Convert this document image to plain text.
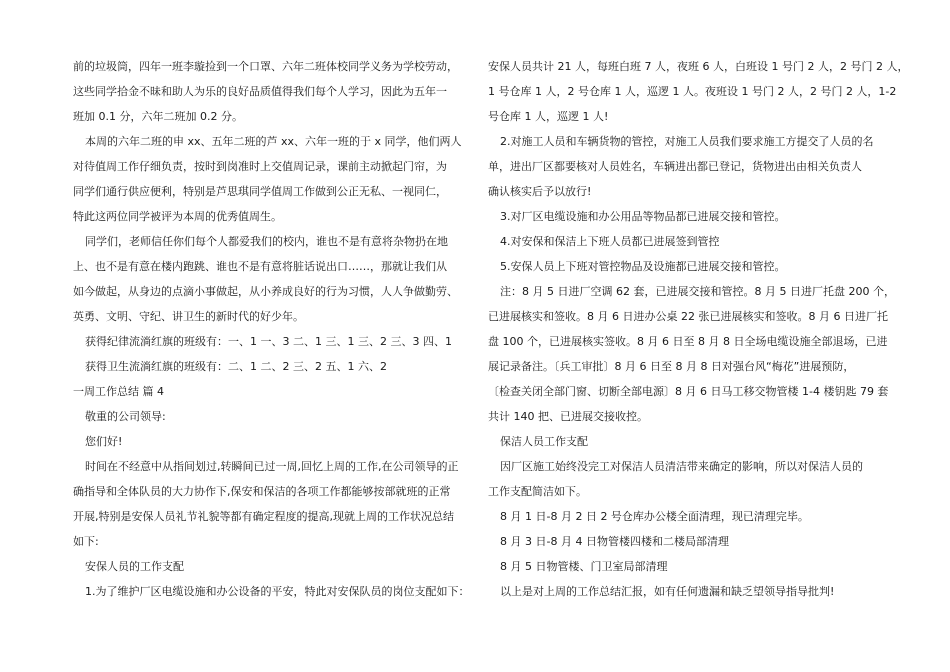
前的垃圾筒，四年一班李璇捡到一个口罩、六年二班体校同学义务为学校劳动，
这些同学拾金不昧和助人为乐的良好品质值得我们每个人学习，因此为五年一
班加 0.1 分，六年二班加 0.2 分。
本周的六年二班的申 xx、五年二班的芦 xx、六年一班的于 x 同学，他们两人
对待值周工作仔细负责，按时到岗准时上交值周记录，课前主动掀起门帘，为
同学们通行供应便利，特别是芦思琪同学值周工作做到公正无私、一视同仁，
特此这两位同学被评为本周的优秀值周生。
同学们，老师信任你们每个人都爱我们的校内，谁也不是有意将杂物扔在地
上、也不是有意在楼内跑跳、谁也不是有意将脏话说出口……，那就让我们从
如今做起，从身边的点滴小事做起，从小养成良好的行为习惯，人人争做勤劳、
英勇、文明、守纪、讲卫生的新时代的好少年。
获得纪律流淌红旗的班级有：一、1 一、3 二、1 三、1 三、2 三、3 四、1
获得卫生流淌红旗的班级有：二、1 二、2 三、2 五、1 六、2
一周工作总结 篇 4
敬重的公司领导:
您们好!
时间在不经意中从指间划过,转瞬间已过一周,回忆上周的工作,在公司领导的正
确指导和全体队员的大力协作下,保安和保洁的各项工作都能够按部就班的正常
开展,特别是安保人员礼节礼貌等都有确定程度的提高,现就上周的工作状况总结
如下:
安保人员的工作支配
1.为了维护厂区电缆设施和办公设备的平安，特此对安保队员的岗位支配如下：
安保人员共计 21 人，每班白班 7 人，夜班 6 人，白班设 1 号门 2 人，2 号门 2 人，
1 号仓库 1 人，2 号仓库 1 人，巡逻 1 人。夜班设 1 号门 2 人，2 号门 2 人，1-2
号仓库 1 人，巡逻 1 人!
2.对施工人员和车辆货物的管控，对施工人员我们要求施工方提交了人员的名
单，进出厂区都要核对人员姓名，车辆进出都已登记，货物进出由相关负责人
确认核实后予以放行!
3.对厂区电缆设施和办公用品等物品都已进展交接和管控。
4.对安保和保洁上下班人员都已进展签到管控
5.安保人员上下班对管控物品及设施都已进展交接和管控。
注：8 月 5 日进厂空调 62 套，已进展交接和管控。8 月 5 日进厂托盘 200 个，
已进展核实和签收。8 月 6 日进办公桌 22 张已进展核实和签收。8 月 6 日进厂托
盘 100 个，已进展核实签收。8 月 6 日至 8 月 8 日全场电缆设施全部退场，已进
展记录备注。〔兵工审批〕8 月 6 日至 8 月 8 日对强台风“梅花”进展预防，
〔检查关闭全部门窗、切断全部电源〕8 月 6 日马工移交物管楼 1-4 楼钥匙 79 套
共计 140 把、已进展交接收控。
保洁人员工作支配
因厂区施工始终没完工对保洁人员清洁带来确定的影响，所以对保洁人员的
工作支配简洁如下。
8 月 1 日-8 月 2 日 2 号仓库办公楼全面清理，现已清理完毕。
8 月 3 日-8 月 4 日物管楼四楼和二楼局部清理
8 月 5 日物管楼、门卫室局部清理
以上是对上周的工作总结汇报，如有任何遗漏和缺乏望领导指导批判!
